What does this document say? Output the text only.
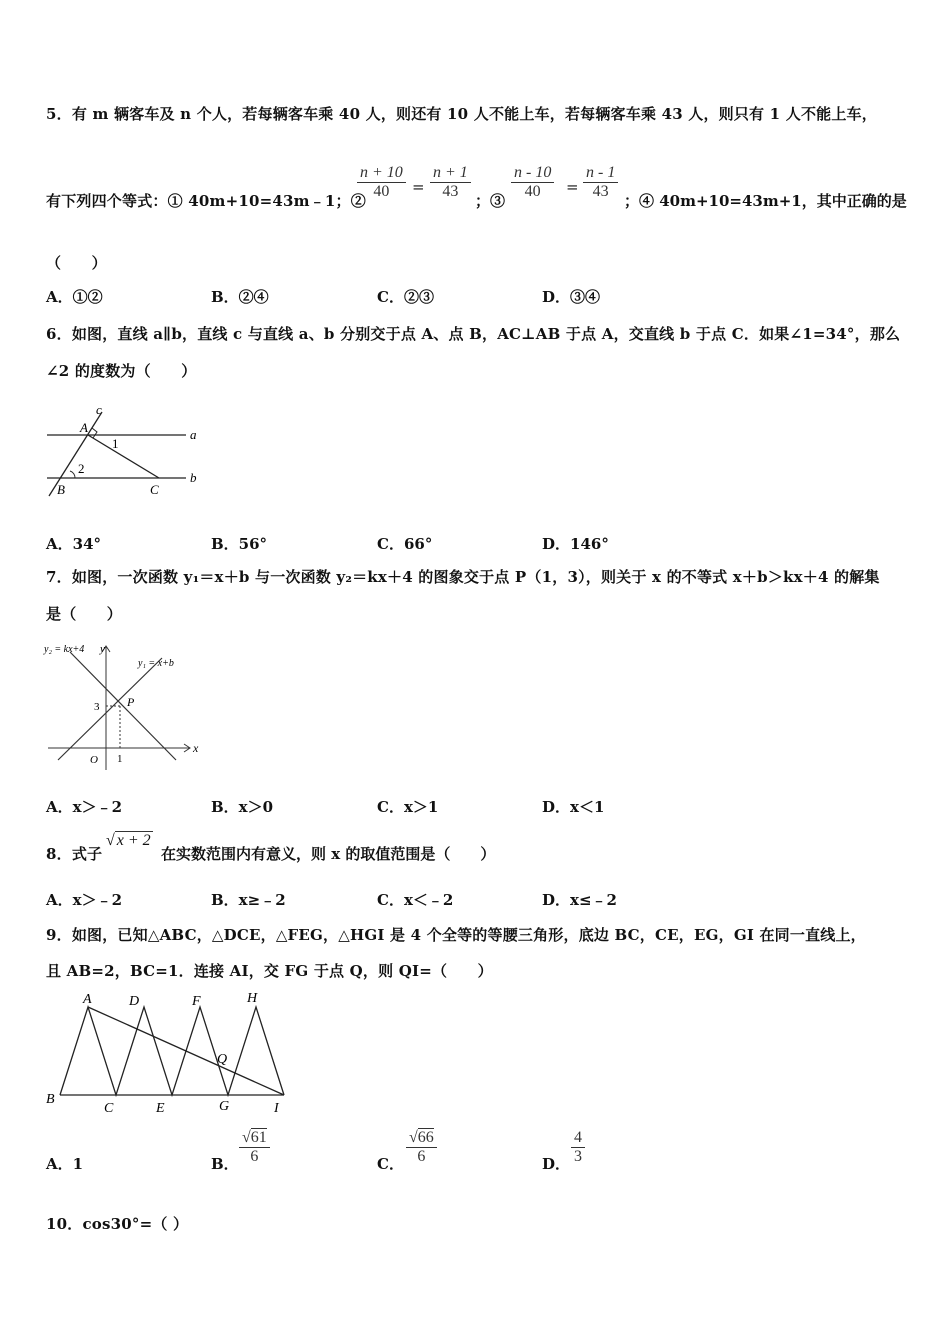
5．有 m 辆客车及 n 个人，若每辆客车乘 40 人，则还有 10 人不能上车，若每辆客车乘 43 人，则只有 1 人不能上车，
有下列四个等式：① 40m+10=43m﹣1；②
$\frac{n + 10}{40} = \frac{n + 1}{43}$ ；③ $\frac{n - 10}{40} = \frac{n - 1}{43}$ ；④ 40m+10=43m+1，其中正确的是
（　　）
A．①②	B．②④	C．②③	D．③④
6．如图，直线 a∥b，直线 c 与直线 a、b 分别交于点 A、点 B，AC⊥AB 于点 A，交直线 b 于点 C．如果∠1=34°，那么
∠2 的度数为（　　）
c
A
1
a
2
B	C
b
A．34°	B．56°	C．66°	D．146°
7．如图，一次函数 y₁＝x＋b 与一次函数 y₂＝kx＋4 的图象交于点 P（1，3），则关于 x 的不等式 x＋b＞kx＋4 的解集
是（　　）
y₂ = kx+4 y
y₁ = x+b
P
3
O 1
x
A．x＞﹣2	B．x＞0	C．x＞1	D．x＜1
8．式子
√ x + 2
在实数范围内有意义，则 x 的取值范围是（　　）
A．x＞﹣2	B．x≥﹣2	C．x＜﹣2	D．x≤﹣2
9．如图，已知△ABC，△DCE，△FEG，△HGI 是 4 个全等的等腰三角形，底边 BC，CE，EG，GI 在同一直线上，
且 AB=2，BC=1．连接 AI，交 FG 于点 Q，则 QI=（　　）
A	D	F	H
Q
B
C	E	G	I
A．1	B． $\frac{√61}{6}$	C． $\frac{√66}{6}$	D． $\frac{4}{3}$
10．cos30°=（ ）
